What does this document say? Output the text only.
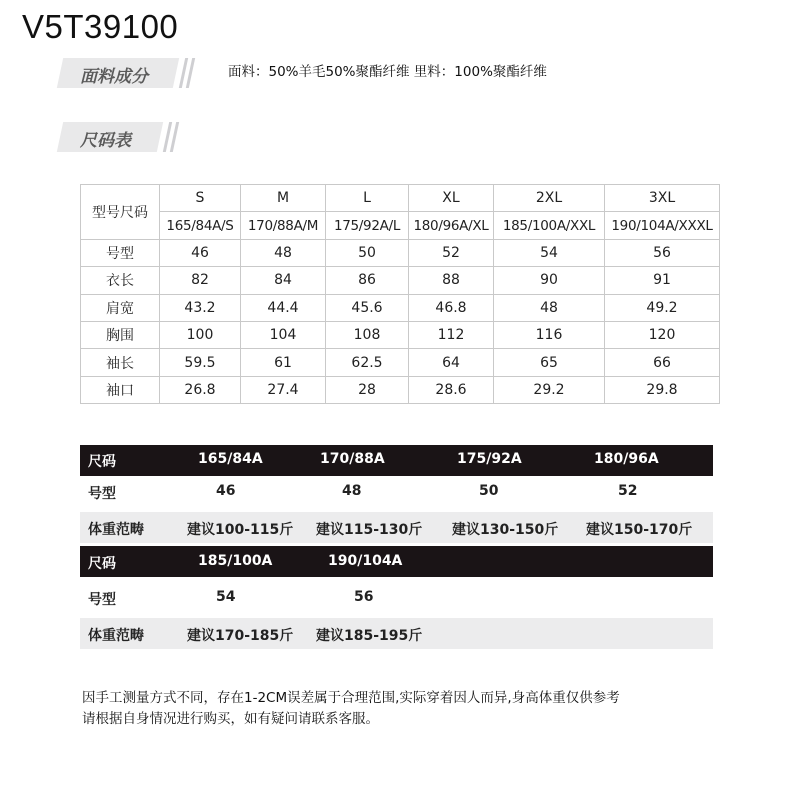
V5T39100
面料成分	面料：50%羊毛50%聚酯纤维 里料：100%聚酯纤维
尺码表
型号尺码	S	M	L	XL	2XL	3XL
	165/84A/S	170/88A/M	175/92A/L	180/96A/XL	185/100A/XXL	190/104A/XXXL
号型	46	48	50	52	54	56
衣长	82	84	86	88	90	91
肩宽	43.2	44.4	45.6	46.8	48	49.2
胸围	100	104	108	112	116	120
袖长	59.5	61	62.5	64	65	66
袖口	26.8	27.4	28	28.6	29.2	29.8
尺码	165/84A	170/88A	175/92A	180/96A
号型	46	48	50	52
体重范畴	建议100-115斤 建议115-130斤 建议130-150斤 建议150-170斤
尺码	185/100A	190/104A
号型	54	56
体重范畴	建议170-185斤 建议185-195斤
因手工测量方式不同，存在1-2CM误差属于合理范围,实际穿着因人而异,身高体重仅供参考
请根据自身情况进行购买，如有疑问请联系客服。
